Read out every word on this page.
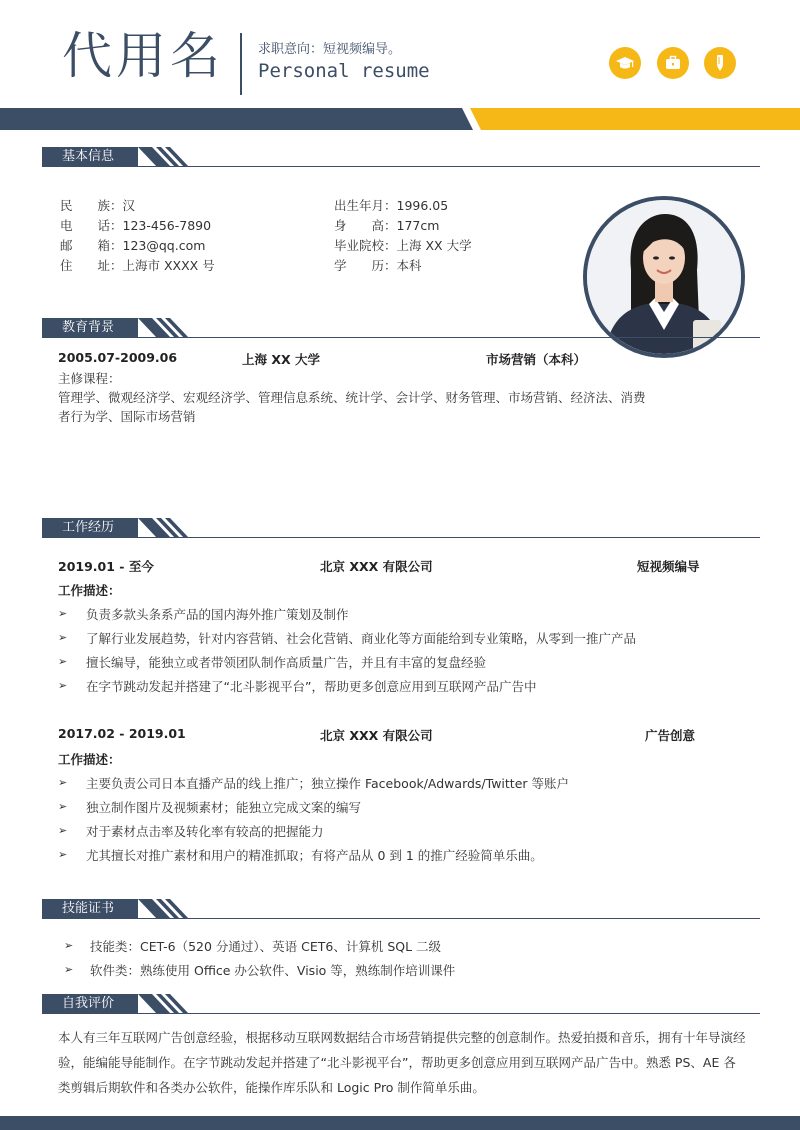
代用名	求职意向：短视频编导。
Personal resume
基本信息
民　　族：汉
电　　话：123-456-7890
邮　　箱：123@qq.com
住　　址：上海市 XXXX 号
出生年月：1996.05
身　　高：177cm
毕业院校：上海 XX 大学
学　　历：本科
教育背景
2005.07-2009.06	上海 XX 大学	市场营销（本科）
主修课程：
管理学、微观经济学、宏观经济学、管理信息系统、统计学、会计学、财务管理、市场营销、经济法、消费
者行为学、国际市场营销
工作经历
2019.01 - 至今	北京 XXX 有限公司	短视频编导
工作描述：
➢ 负责多款头条系产品的国内海外推广策划及制作
➢ 了解行业发展趋势，针对内容营销、社会化营销、商业化等方面能给到专业策略，从零到一推广产品
➢ 擅长编导，能独立或者带领团队制作高质量广告，并且有丰富的复盘经验
➢ 在字节跳动发起并搭建了“北斗影视平台”，帮助更多创意应用到互联网产品广告中
2017.02 - 2019.01	北京 XXX 有限公司	广告创意
工作描述：
➢ 主要负责公司日本直播产品的线上推广；独立操作 Facebook/Adwards/Twitter 等账户
➢ 独立制作图片及视频素材；能独立完成文案的编写
➢ 对于素材点击率及转化率有较高的把握能力
➢ 尤其擅长对推广素材和用户的精准抓取；有将产品从 0 到 1 的推广经验简单乐曲。
技能证书
➢ 技能类：CET-6（520 分通过）、英语 CET6、计算机 SQL 二级
➢ 软件类：熟练使用 Office 办公软件、Visio 等，熟练制作培训课件
自我评价
本人有三年互联网广告创意经验，根据移动互联网数据结合市场营销提供完整的创意制作。热爱拍摄和音乐，拥有十年导演经验，能编能导能制作。在字节跳动发起并搭建了“北斗影视平台”，帮助更多创意应用到互联网产品广告中。熟悉 PS、AE 各类剪辑后期软件和各类办公软件，能操作库乐队和 Logic Pro 制作简单乐曲。
